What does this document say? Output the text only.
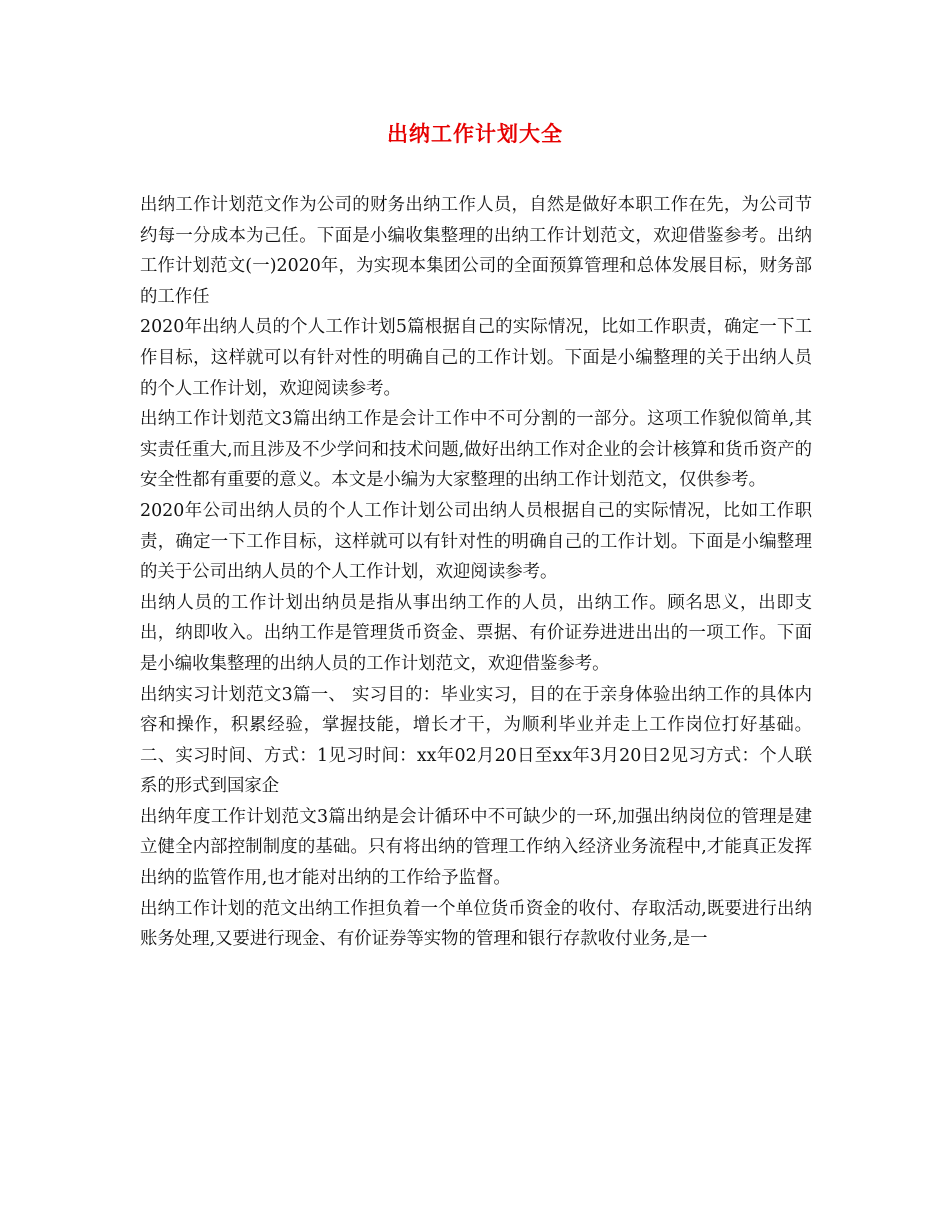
出纳工作计划大全

出纳工作计划范文作为公司的财务出纳工作人员，自然是做好本职工作在先，为公司节约每一分成本为己任。下面是小编收集整理的出纳工作计划范文，欢迎借鉴参考。出纳工作计划范文(一)2020年，为实现本集团公司的全面预算管理和总体发展目标，财务部的工作任

2020年出纳人员的个人工作计划5篇根据自己的实际情况，比如工作职责，确定一下工作目标，这样就可以有针对性的明确自己的工作计划。下面是小编整理的关于出纳人员的个人工作计划，欢迎阅读参考。

出纳工作计划范文3篇出纳工作是会计工作中不可分割的一部分。这项工作貌似简单,其实责任重大,而且涉及不少学问和技术问题,做好出纳工作对企业的会计核算和货币资产的安全性都有重要的意义。本文是小编为大家整理的出纳工作计划范文，仅供参考。

2020年公司出纳人员的个人工作计划公司出纳人员根据自己的实际情况，比如工作职责，确定一下工作目标，这样就可以有针对性的明确自己的工作计划。下面是小编整理的关于公司出纳人员的个人工作计划，欢迎阅读参考。

出纳人员的工作计划出纳员是指从事出纳工作的人员，出纳工作。顾名思义，出即支出，纳即收入。出纳工作是管理货币资金、票据、有价证券进进出出的一项工作。下面是小编收集整理的出纳人员的工作计划范文，欢迎借鉴参考。

出纳实习计划范文3篇一、 实习目的：毕业实习，目的在于亲身体验出纳工作的具体内容和操作，积累经验，掌握技能，增长才干，为顺利毕业并走上工作岗位打好基础。二、实习时间、方式：1见习时间：xx年02月20日至xx年3月20日2见习方式：个人联系的形式到国家企

出纳年度工作计划范文3篇出纳是会计循环中不可缺少的一环,加强出纳岗位的管理是建立健全内部控制制度的基础。只有将出纳的管理工作纳入经济业务流程中,才能真正发挥出纳的监管作用,也才能对出纳的工作给予监督。

出纳工作计划的范文出纳工作担负着一个单位货币资金的收付、存取活动,既要进行出纳账务处理,又要进行现金、有价证券等实物的管理和银行存款收付业务,是一
